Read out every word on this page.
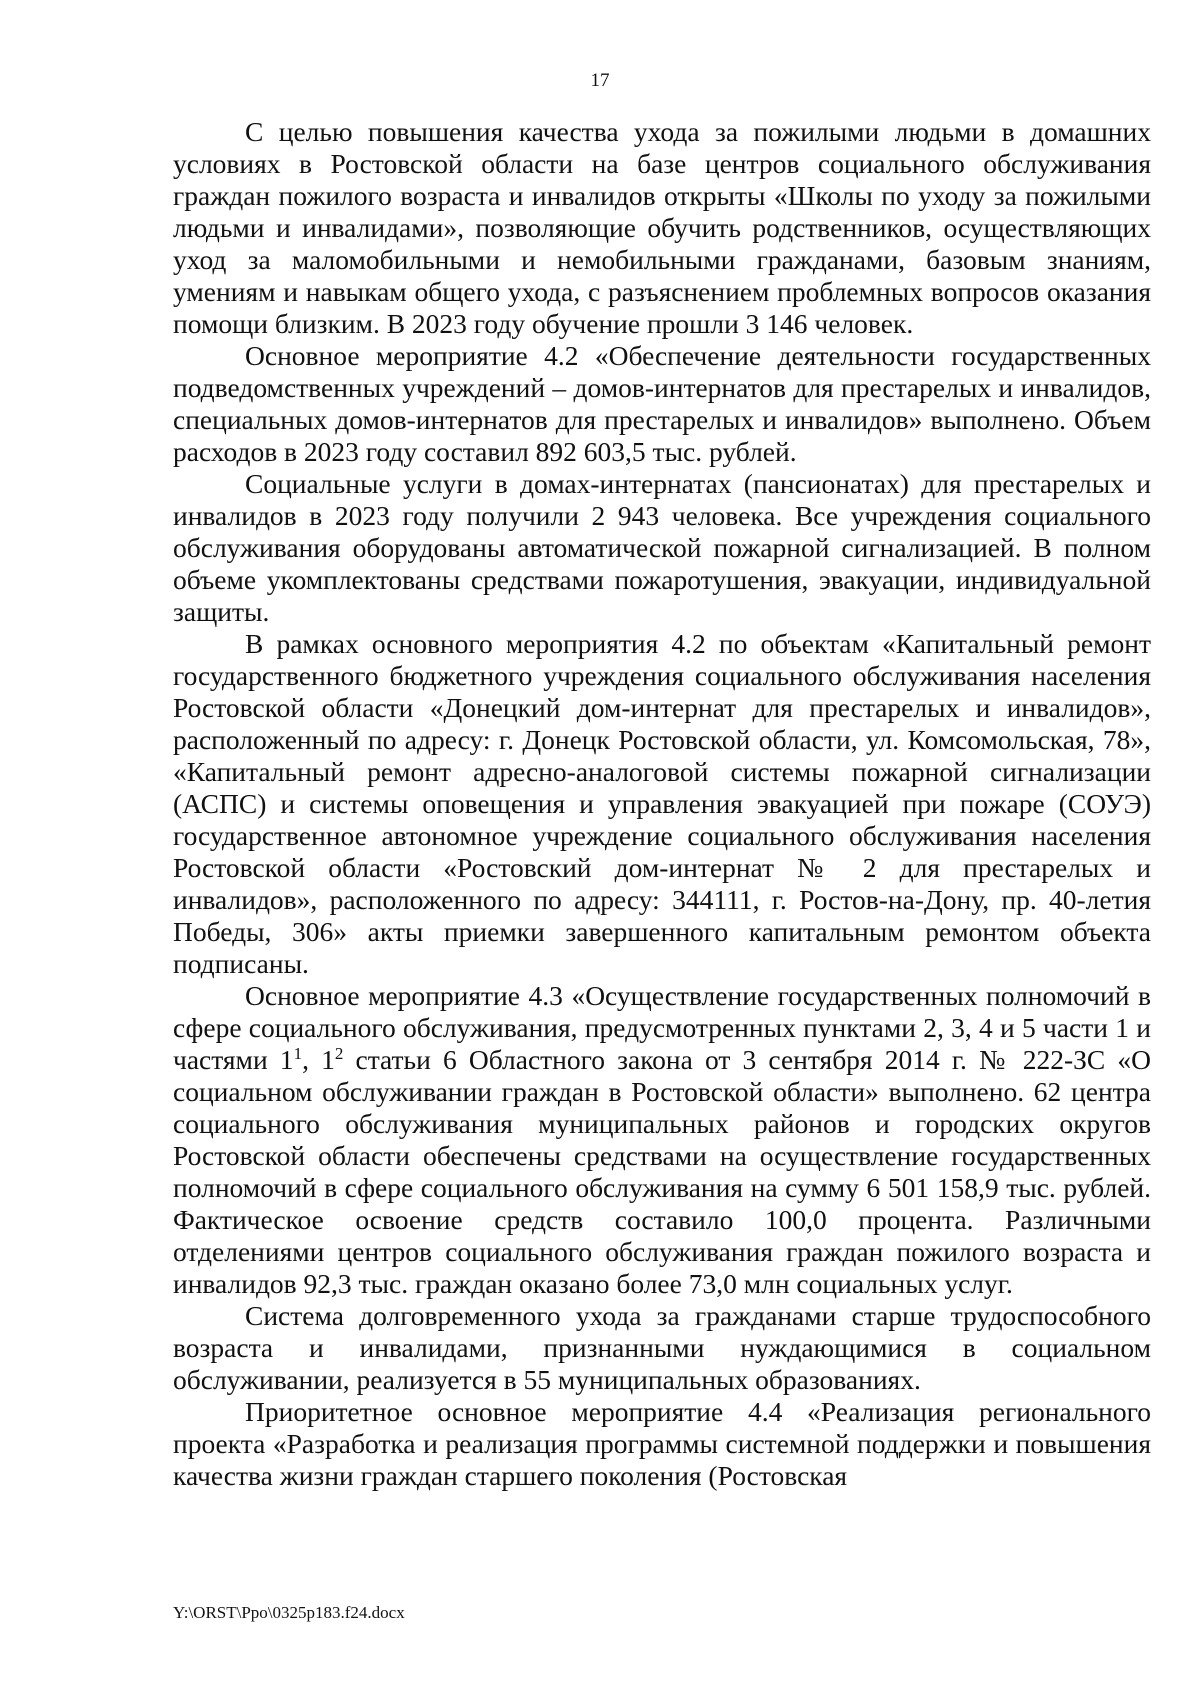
17

С целью повышения качества ухода за пожилыми людьми в домашних условиях в Ростовской области на базе центров социального обслуживания граждан пожилого возраста и инвалидов открыты «Школы по уходу за пожилыми людьми и инвалидами», позволяющие обучить родственников, осуществляющих уход за маломобильными и немобильными гражданами, базовым знаниям, умениям и навыкам общего ухода, с разъяснением проблемных вопросов оказания помощи близким. В 2023 году обучение прошли 3 146 человек.

Основное мероприятие 4.2 «Обеспечение деятельности государственных подведомственных учреждений – домов-интернатов для престарелых и инвалидов, специальных домов-интернатов для престарелых и инвалидов» выполнено. Объем расходов в 2023 году составил 892 603,5 тыс. рублей.

Социальные услуги в домах-интернатах (пансионатах) для престарелых и инвалидов в 2023 году получили 2 943 человека. Все учреждения социального обслуживания оборудованы автоматической пожарной сигнализацией. В полном объеме укомплектованы средствами пожаротушения, эвакуации, индивидуальной защиты.

В рамках основного мероприятия 4.2 по объектам «Капитальный ремонт государственного бюджетного учреждения социального обслуживания населения Ростовской области «Донецкий дом-интернат для престарелых и инвалидов», расположенный по адресу: г. Донецк Ростовской области, ул. Комсомольская, 78», «Капитальный ремонт адресно-аналоговой системы пожарной сигнализации (АСПС) и системы оповещения и управления эвакуацией при пожаре (СОУЭ) государственное автономное учреждение социального обслуживания населения Ростовской области «Ростовский дом-интернат № 2 для престарелых и инвалидов», расположенного по адресу: 344111, г. Ростов-на-Дону, пр. 40-летия Победы, 306» акты приемки завершенного капитальным ремонтом объекта подписаны.

Основное мероприятие 4.3 «Осуществление государственных полномочий в сфере социального обслуживания, предусмотренных пунктами 2, 3, 4 и 5 части 1 и частями $1^1$, $1^2$ статьи 6 Областного закона от 3 сентября 2014 г. № 222-ЗС «О социальном обслуживании граждан в Ростовской области» выполнено. 62 центра социального обслуживания муниципальных районов и городских округов Ростовской области обеспечены средствами на осуществление государственных полномочий в сфере социального обслуживания на сумму 6 501 158,9 тыс. рублей. Фактическое освоение средств составило 100,0 процента. Различными отделениями центров социального обслуживания граждан пожилого возраста и инвалидов 92,3 тыс. граждан оказано более 73,0 млн социальных услуг.

Система долговременного ухода за гражданами старше трудоспособного возраста и инвалидами, признанными нуждающимися в социальном обслуживании, реализуется в 55 муниципальных образованиях.

Приоритетное основное мероприятие 4.4 «Реализация регионального проекта «Разработка и реализация программы системной поддержки и повышения качества жизни граждан старшего поколения (Ростовская

Y:\ORST\Ppo\0325p183.f24.docx
